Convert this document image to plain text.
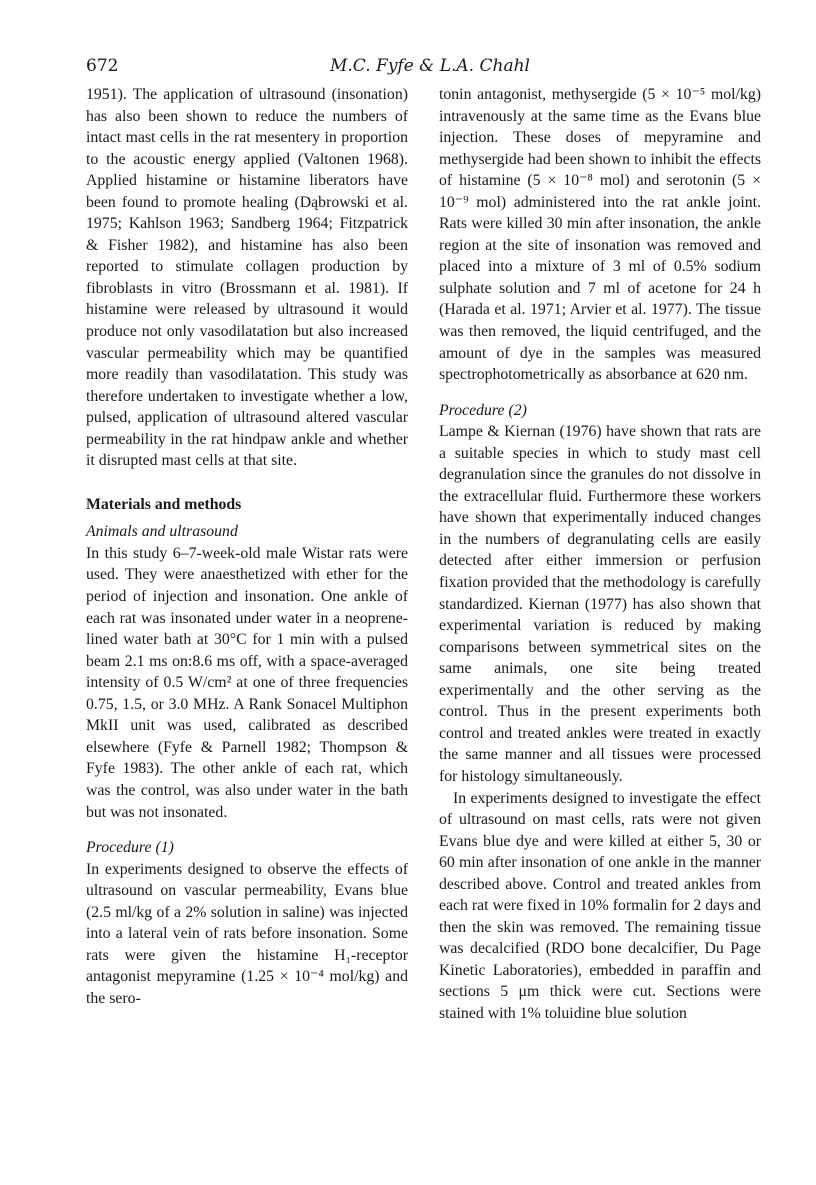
672	M.C. Fyfe & L.A. Chahl

1951). The application of ultrasound (insonation) has also been shown to reduce the numbers of intact mast cells in the rat mesentery in proportion to the acoustic energy applied (Valtonen 1968). Applied histamine or histamine liberators have been found to promote healing (Dąbrowski et al. 1975; Kahlson 1963; Sandberg 1964; Fitzpatrick & Fisher 1982), and histamine has also been reported to stimulate collagen production by fibroblasts in vitro (Brossmann et al. 1981). If histamine were released by ultrasound it would produce not only vasodilatation but also increased vascular permeability which may be quantified more readily than vasodilatation. This study was therefore undertaken to investigate whether a low, pulsed, application of ultrasound altered vascular permeability in the rat hindpaw ankle and whether it disrupted mast cells at that site.

Materials and methods

Animals and ultrasound

In this study 6–7-week-old male Wistar rats were used. They were anaesthetized with ether for the period of injection and insonation. One ankle of each rat was insonated under water in a neoprene-lined water bath at 30°C for 1 min with a pulsed beam 2.1 ms on:8.6 ms off, with a space-averaged intensity of 0.5 W/cm² at one of three frequencies 0.75, 1.5, or 3.0 MHz. A Rank Sonacel Multiphon MkII unit was used, calibrated as described elsewhere (Fyfe & Parnell 1982; Thompson & Fyfe 1983). The other ankle of each rat, which was the control, was also under water in the bath but was not insonated.

Procedure (1)

In experiments designed to observe the effects of ultrasound on vascular permeability, Evans blue (2.5 ml/kg of a 2% solution in saline) was injected into a lateral vein of rats before insonation. Some rats were given the histamine H₁-receptor antagonist mepyramine (1.25 × 10⁻⁴ mol/kg) and the sero-

tonin antagonist, methysergide (5 × 10⁻⁵ mol/kg) intravenously at the same time as the Evans blue injection. These doses of mepyramine and methysergide had been shown to inhibit the effects of histamine (5 × 10⁻⁸ mol) and serotonin (5 × 10⁻⁹ mol) administered into the rat ankle joint. Rats were killed 30 min after insonation, the ankle region at the site of insonation was removed and placed into a mixture of 3 ml of 0.5% sodium sulphate solution and 7 ml of acetone for 24 h (Harada et al. 1971; Arvier et al. 1977). The tissue was then removed, the liquid centrifuged, and the amount of dye in the samples was measured spectrophotometrically as absorbance at 620 nm.

Procedure (2)

Lampe & Kiernan (1976) have shown that rats are a suitable species in which to study mast cell degranulation since the granules do not dissolve in the extracellular fluid. Furthermore these workers have shown that experimentally induced changes in the numbers of degranulating cells are easily detected after either immersion or perfusion fixation provided that the methodology is carefully standardized. Kiernan (1977) has also shown that experimental variation is reduced by making comparisons between symmetrical sites on the same animals, one site being treated experimentally and the other serving as the control. Thus in the present experiments both control and treated ankles were treated in exactly the same manner and all tissues were processed for histology simultaneously.

In experiments designed to investigate the effect of ultrasound on mast cells, rats were not given Evans blue dye and were killed at either 5, 30 or 60 min after insonation of one ankle in the manner described above. Control and treated ankles from each rat were fixed in 10% formalin for 2 days and then the skin was removed. The remaining tissue was decalcified (RDO bone decalcifier, Du Page Kinetic Laboratories), embedded in paraffin and sections 5 μm thick were cut. Sections were stained with 1% toluidine blue solution
